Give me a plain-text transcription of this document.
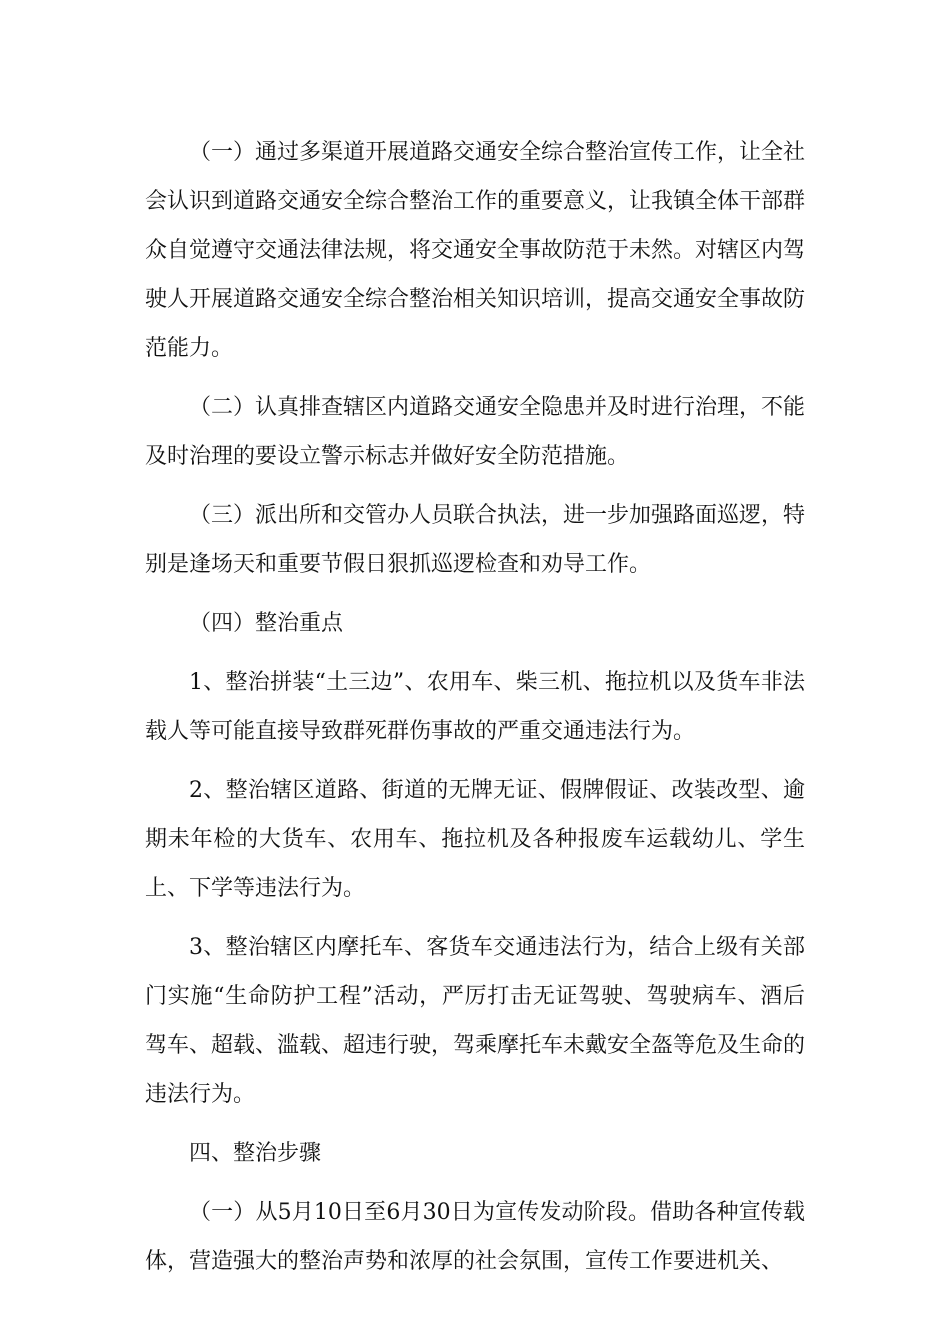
（一）通过多渠道开展道路交通安全综合整治宣传工作，让全社会认识到道路交通安全综合整治工作的重要意义，让我镇全体干部群众自觉遵守交通法律法规，将交通安全事故防范于未然。对辖区内驾驶人开展道路交通安全综合整治相关知识培训，提高交通安全事故防范能力。

（二）认真排查辖区内道路交通安全隐患并及时进行治理，不能及时治理的要设立警示标志并做好安全防范措施。

（三）派出所和交管办人员联合执法，进一步加强路面巡逻，特别是逢场天和重要节假日狠抓巡逻检查和劝导工作。

（四）整治重点

1、整治拼装“土三边”、农用车、柴三机、拖拉机以及货车非法载人等可能直接导致群死群伤事故的严重交通违法行为。

2、整治辖区道路、街道的无牌无证、假牌假证、改装改型、逾期未年检的大货车、农用车、拖拉机及各种报废车运载幼儿、学生上、下学等违法行为。

3、整治辖区内摩托车、客货车交通违法行为，结合上级有关部门实施“生命防护工程”活动，严厉打击无证驾驶、驾驶病车、酒后驾车、超载、滥载、超违行驶，驾乘摩托车未戴安全盔等危及生命的违法行为。

四、整治步骤

（一）从5月10日至6月30日为宣传发动阶段。借助各种宣传载体，营造强大的整治声势和浓厚的社会氛围，宣传工作要进机关、
